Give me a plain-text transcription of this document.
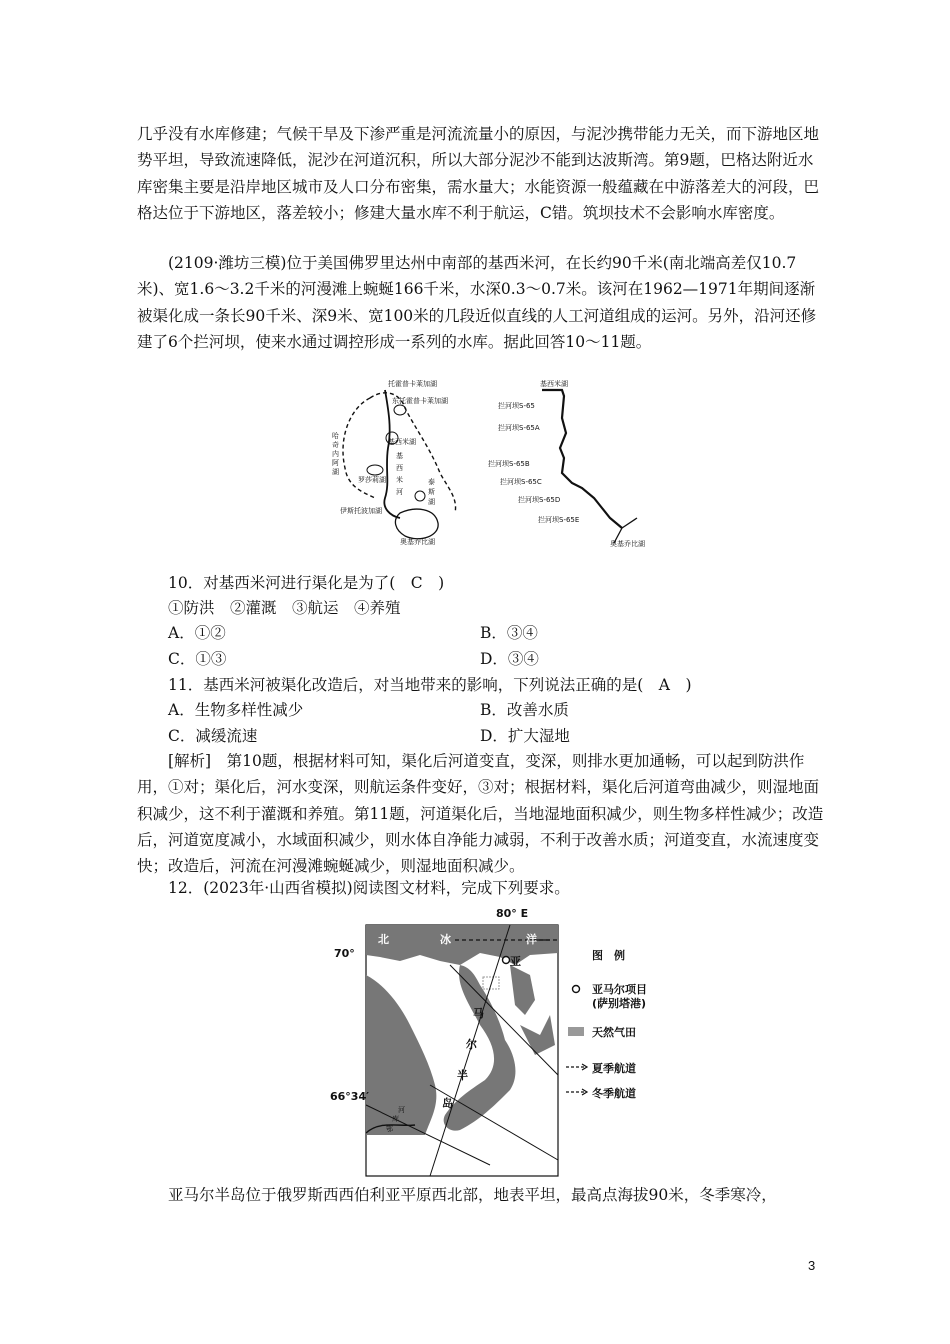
几乎没有水库修建；气候干旱及下渗严重是河流流量小的原因，与泥沙携带能力无关，而下游地区地势平坦，导致流速降低，泥沙在河道沉积，所以大部分泥沙不能到达波斯湾。第9题，巴格达附近水库密集主要是沿岸地区城市及人口分布密集，需水量大；水能资源一般蕴藏在中游落差大的河段，巴格达位于下游地区，落差较小；修建大量水库不利于航运，C错。筑坝技术不会影响水库密度。

(2109·潍坊三模)位于美国佛罗里达州中南部的基西米河，在长约90千米(南北端高差仅10.7米)、宽1.6～3.2千米的河漫滩上蜿蜒166千米，水深0.3～0.7米。该河在1962—1971年期间逐渐被渠化成一条长90千米、深9米、宽100米的几段近似直线的人工河道组成的运河。另外，沿河还修建了6个拦河坝，使来水通过调控形成一系列的水库。据此回答10～11题。

托霍普卡莱加湖
东托霍普卡莱加湖
哈
奇
内
阿
湖
基西米湖
基
西
米
河
罗莎莉湖	泰
斯
湖
伊斯托波加湖
奥基乔比湖
基西米湖
拦河坝S-65
拦河坝S-65A
拦河坝S-65B
拦河坝S-65C
拦河坝S-65D
拦河坝S-65E
奥基乔比湖
10．对基西米河进行渠化是为了(　C　)
①防洪　②灌溉　③航运　④养殖
A．①②	B．③④
C．①③	D．③④
11．基西米河被渠化改造后，对当地带来的影响，下列说法正确的是(　A　)
A．生物多样性减少	B．改善水质
C．减缓流速	D．扩大湿地

[解析]　第10题，根据材料可知，渠化后河道变直，变深，则排水更加通畅，可以起到防洪作用，①对；渠化后，河水变深，则航运条件变好，③对；根据材料，渠化后河道弯曲减少，则湿地面积减少，这不利于灌溉和养殖。第11题，河道渠化后，当地湿地面积减少，则生物多样性减少；改造后，河道宽度减小，水域面积减少，则水体自净能力减弱，不利于改善水质；河道变直，水流速度变快；改造后，河流在河漫滩蜿蜒减少，则湿地面积减少。

12．(2023年·山西省模拟)阅读图文材料，完成下列要求。
80° E
70°
66°34′
北	冰	洋
亚
马
尔
半
岛
河
库
鄂
图　例
亚马尔项目
(萨别塔港)
天然气田
夏季航道
冬季航道
亚马尔半岛位于俄罗斯西西伯利亚平原西北部，地表平坦，最高点海拔90米，冬季寒冷，
3
